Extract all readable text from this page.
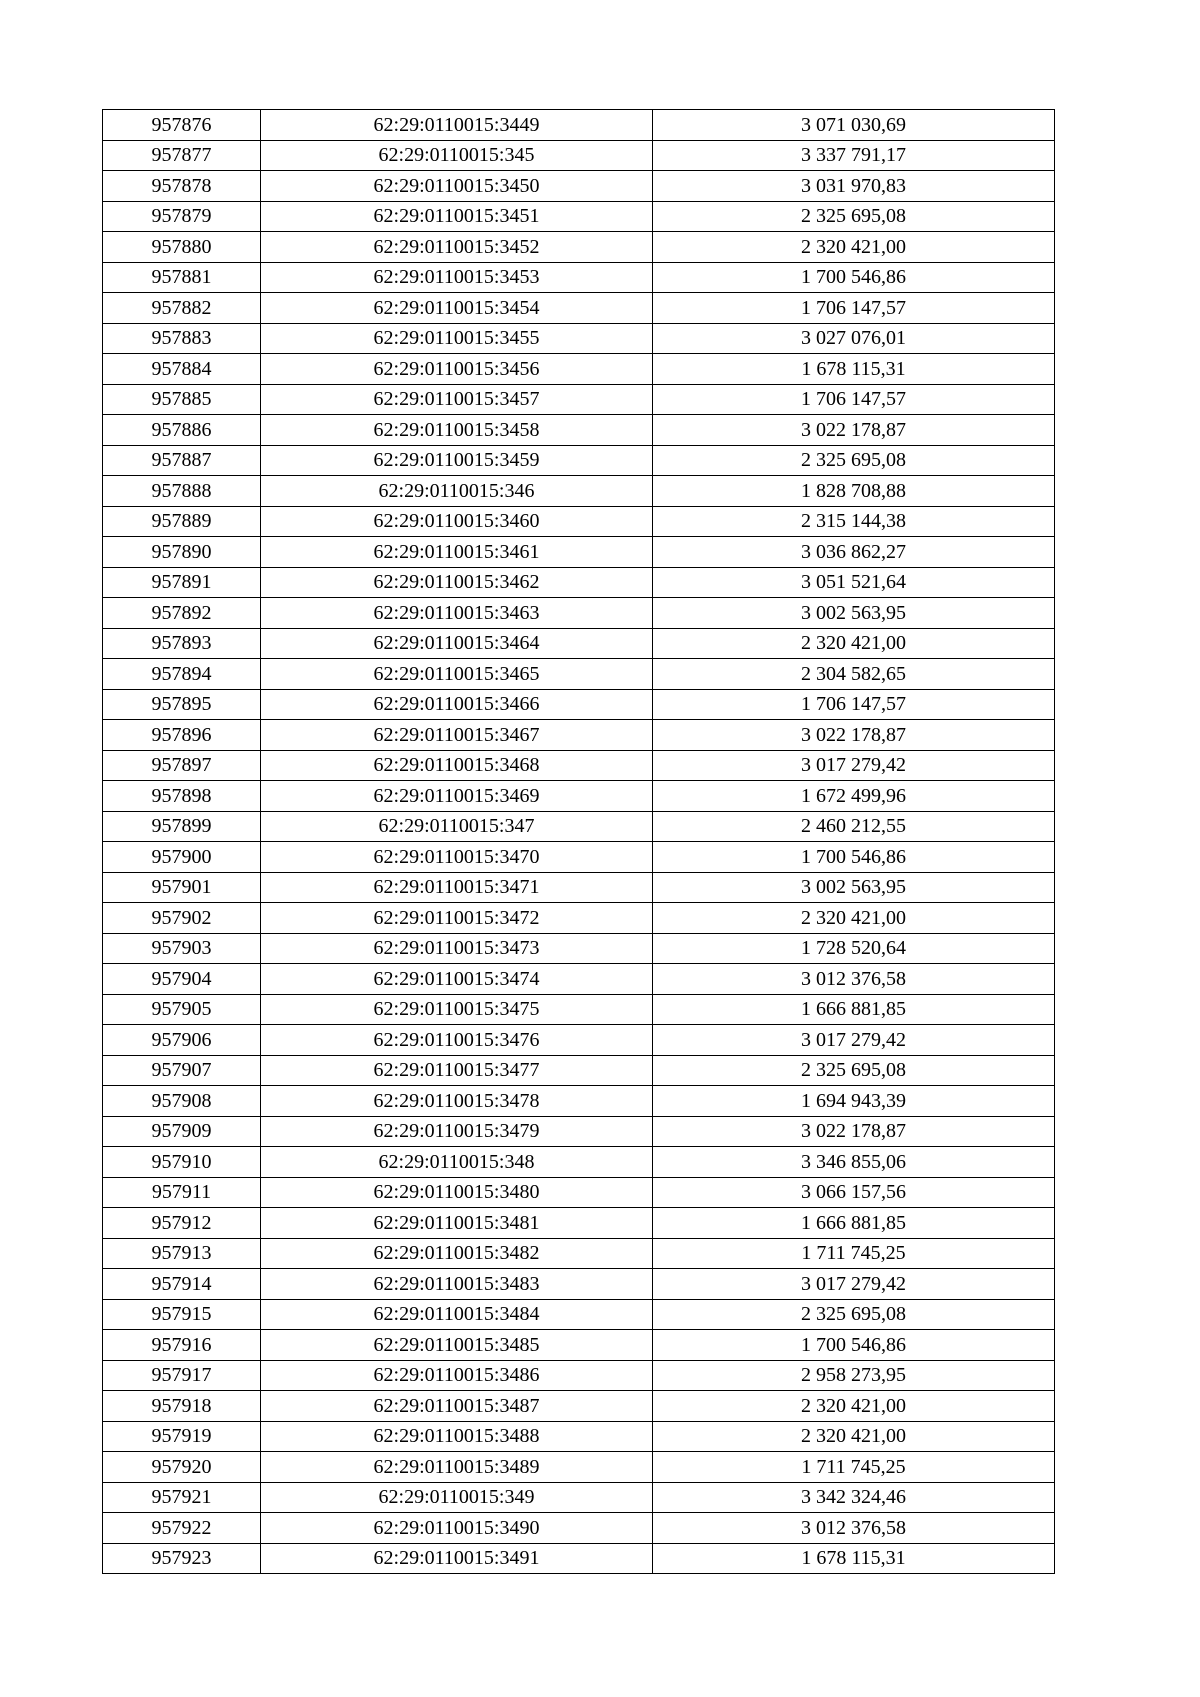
957876	62:29:0110015:3449	3 071 030,69
957877	62:29:0110015:345	3 337 791,17
957878	62:29:0110015:3450	3 031 970,83
957879	62:29:0110015:3451	2 325 695,08
957880	62:29:0110015:3452	2 320 421,00
957881	62:29:0110015:3453	1 700 546,86
957882	62:29:0110015:3454	1 706 147,57
957883	62:29:0110015:3455	3 027 076,01
957884	62:29:0110015:3456	1 678 115,31
957885	62:29:0110015:3457	1 706 147,57
957886	62:29:0110015:3458	3 022 178,87
957887	62:29:0110015:3459	2 325 695,08
957888	62:29:0110015:346	1 828 708,88
957889	62:29:0110015:3460	2 315 144,38
957890	62:29:0110015:3461	3 036 862,27
957891	62:29:0110015:3462	3 051 521,64
957892	62:29:0110015:3463	3 002 563,95
957893	62:29:0110015:3464	2 320 421,00
957894	62:29:0110015:3465	2 304 582,65
957895	62:29:0110015:3466	1 706 147,57
957896	62:29:0110015:3467	3 022 178,87
957897	62:29:0110015:3468	3 017 279,42
957898	62:29:0110015:3469	1 672 499,96
957899	62:29:0110015:347	2 460 212,55
957900	62:29:0110015:3470	1 700 546,86
957901	62:29:0110015:3471	3 002 563,95
957902	62:29:0110015:3472	2 320 421,00
957903	62:29:0110015:3473	1 728 520,64
957904	62:29:0110015:3474	3 012 376,58
957905	62:29:0110015:3475	1 666 881,85
957906	62:29:0110015:3476	3 017 279,42
957907	62:29:0110015:3477	2 325 695,08
957908	62:29:0110015:3478	1 694 943,39
957909	62:29:0110015:3479	3 022 178,87
957910	62:29:0110015:348	3 346 855,06
957911	62:29:0110015:3480	3 066 157,56
957912	62:29:0110015:3481	1 666 881,85
957913	62:29:0110015:3482	1 711 745,25
957914	62:29:0110015:3483	3 017 279,42
957915	62:29:0110015:3484	2 325 695,08
957916	62:29:0110015:3485	1 700 546,86
957917	62:29:0110015:3486	2 958 273,95
957918	62:29:0110015:3487	2 320 421,00
957919	62:29:0110015:3488	2 320 421,00
957920	62:29:0110015:3489	1 711 745,25
957921	62:29:0110015:349	3 342 324,46
957922	62:29:0110015:3490	3 012 376,58
957923	62:29:0110015:3491	1 678 115,31
